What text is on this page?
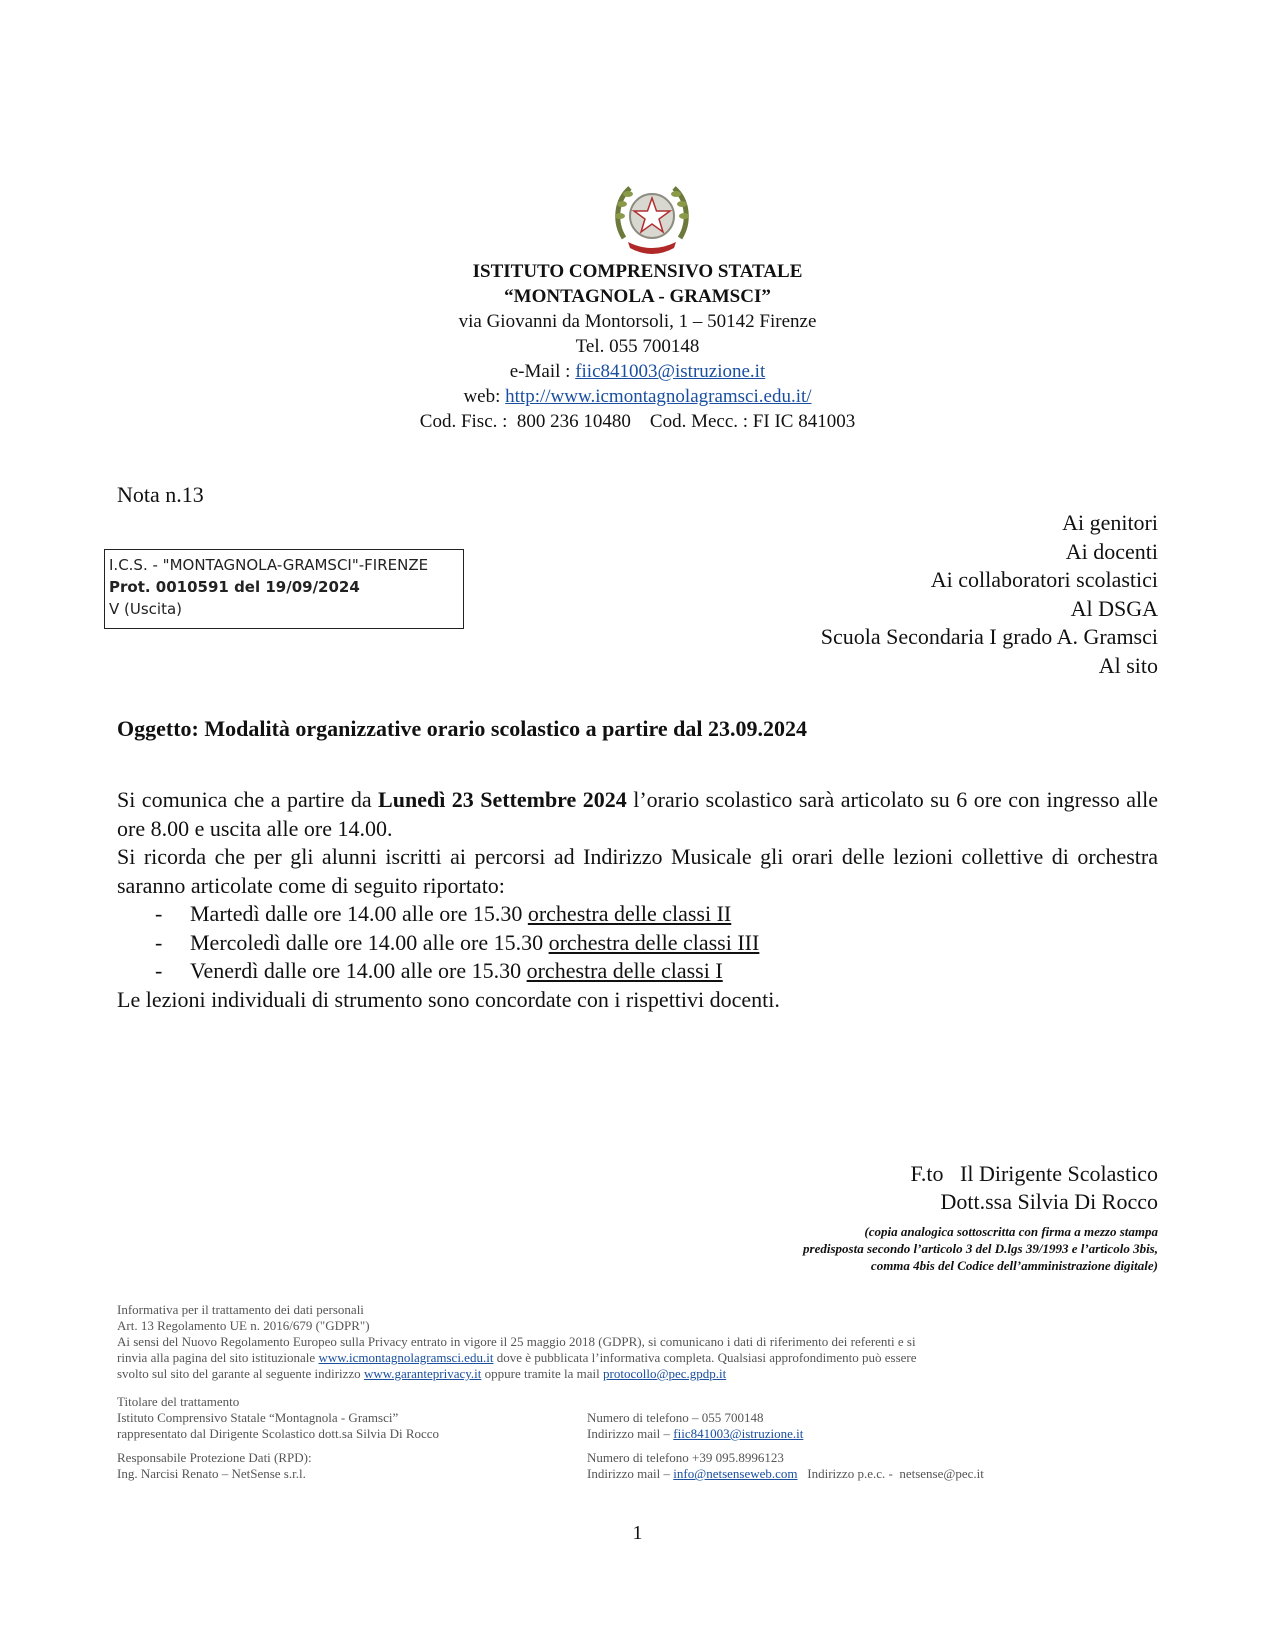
ISTITUTO COMPRENSIVO STATALE
“MONTAGNOLA - GRAMSCI”
via Giovanni da Montorsoli, 1 – 50142 Firenze
Tel. 055 700148
e-Mail : fiic841003@istruzione.it
web: http://www.icmontagnolagramsci.edu.it/
Cod. Fisc. :  800 236 10480    Cod. Mecc. : FI IC 841003
Nota n.13
I.C.S. - "MONTAGNOLA-GRAMSCI"-FIRENZE
Prot. 0010591 del 19/09/2024
V (Uscita)
Ai genitori
Ai docenti
Ai collaboratori scolastici
Al DSGA
Scuola Secondaria I grado A. Gramsci
Al sito
Oggetto: Modalità organizzative orario scolastico a partire dal 23.09.2024

Si comunica che a partire da Lunedì 23 Settembre 2024 l’orario scolastico sarà articolato su 6 ore con ingresso alle ore 8.00 e uscita alle ore 14.00.

Si ricorda che per gli alunni iscritti ai percorsi ad Indirizzo Musicale gli orari delle lezioni collettive di orchestra saranno articolate come di seguito riportato:

- Martedì dalle ore 14.00 alle ore 15.30 orchestra delle classi II
- Mercoledì dalle ore 14.00 alle ore 15.30 orchestra delle classi III
- Venerdì dalle ore 14.00 alle ore 15.30 orchestra delle classi I

Le lezioni individuali di strumento sono concordate con i rispettivi docenti.

F.to   Il Dirigente Scolastico
Dott.ssa Silvia Di Rocco
(copia analogica sottoscritta con firma a mezzo stampa
predisposta secondo l’articolo 3 del D.lgs 39/1993 e l’articolo 3bis,
comma 4bis del Codice dell’amministrazione digitale)
Informativa per il trattamento dei dati personali
Art. 13 Regolamento UE n. 2016/679 ("GDPR")
Ai sensi del Nuovo Regolamento Europeo sulla Privacy entrato in vigore il 25 maggio 2018 (GDPR), si comunicano i dati di riferimento dei referenti e si
rinvia alla pagina del sito istituzionale www.icmontagnolagramsci.edu.it dove è pubblicata l’informativa completa. Qualsiasi approfondimento può essere
svolto sul sito del garante al seguente indirizzo www.garanteprivacy.it oppure tramite la mail protocollo@pec.gpdp.it
Titolare del trattamento
Istituto Comprensivo Statale “Montagnola - Gramsci”
rappresentato dal Dirigente Scolastico dott.sa Silvia Di Rocco
Numero di telefono – 055 700148
Indirizzo mail – fiic841003@istruzione.it
Responsabile Protezione Dati (RPD):
Ing. Narcisi Renato – NetSense s.r.l.
Numero di telefono +39 095.8996123
Indirizzo mail – info@netsenseweb.com   Indirizzo p.e.c. -  netsense@pec.it
1
